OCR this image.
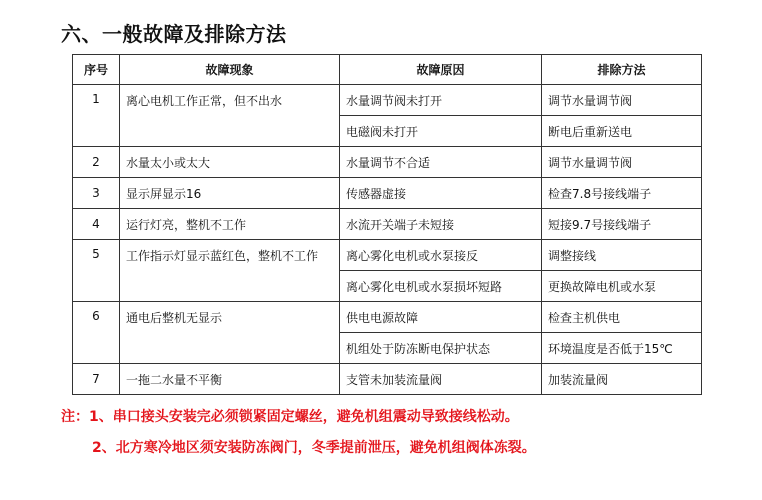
六、一般故障及排除方法
序号	故障现象	故障原因	排除方法
1	离心电机工作正常，但不出水	水量调节阀未打开	调节水量调节阀
		电磁阀未打开	断电后重新送电
2	水量太小或太大	水量调节不合适	调节水量调节阀
3	显示屏显示16	传感器虚接	检查7.8号接线端子
4	运行灯亮，整机不工作	水流开关端子未短接	短接9.7号接线端子
5	工作指示灯显示蓝红色，整机不工作	离心雾化电机或水泵接反	调整接线
		离心雾化电机或水泵损坏短路	更换故障电机或水泵
6	通电后整机无显示	供电电源故障	检查主机供电
		机组处于防冻断电保护状态	环境温度是否低于15℃
7	一拖二水量不平衡	支管未加装流量阀	加装流量阀
注：1、串口接头安装完必须锁紧固定螺丝，避免机组震动导致接线松动。
2、北方寒冷地区须安装防冻阀门，冬季提前泄压，避免机组阀体冻裂。
